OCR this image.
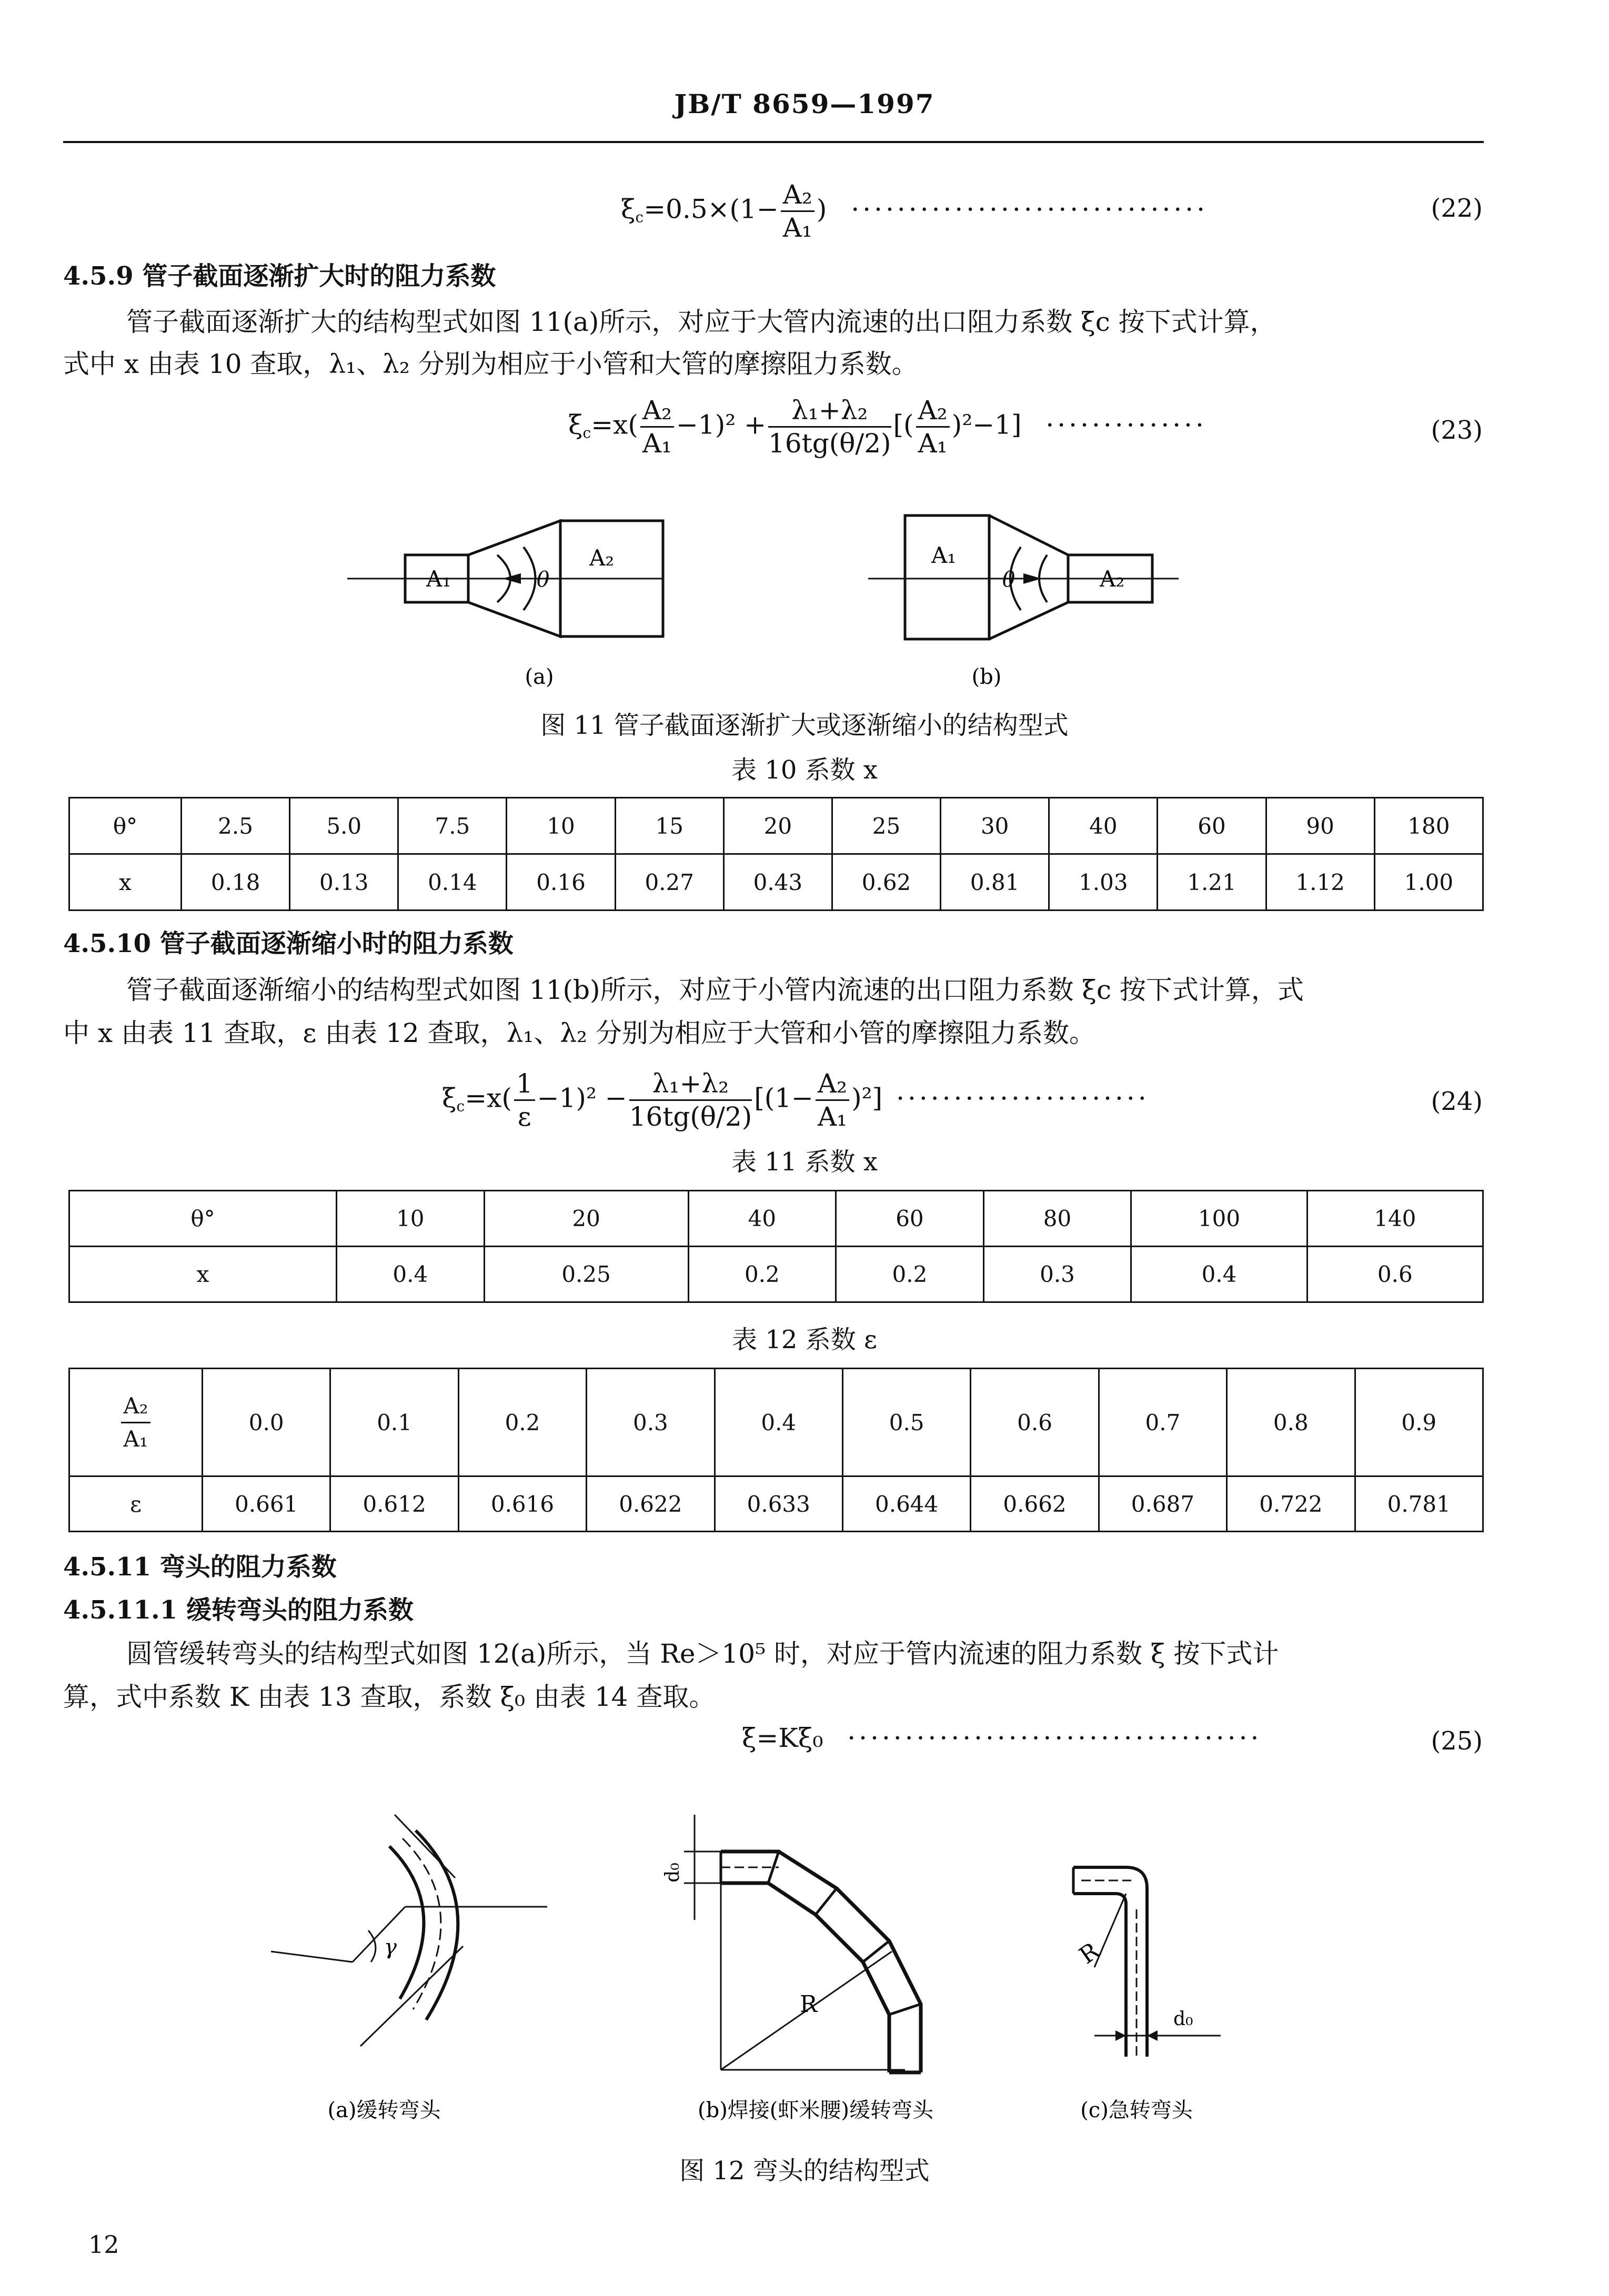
JB/T 8659—1997
$\xi_c=0.5\times(1- \frac{\text{A₂}}{\text{A₁}}$ ) ·······························	(22)
4.5.9 管子截面逐渐扩大时的阻力系数
管子截面逐渐扩大的结构型式如图 11(a)所示，对应于大管内流速的出口阻力系数 ξc 按下式计算，
式中 x 由表 10 查取，λ₁、λ₂ 分别为相应于小管和大管的摩擦阻力系数。
$\xi_c=x( \frac{\text{A₂}}{\text{A₁}} -1)^2 + \frac{\text{λ₁+λ₂}}{16tg(\theta/2)}$ [( $\frac{\text{A₂}}{\text{A₁}} )^2-1$] ··············	(23)
A₁	θ
A₂
(a)
A₁
θ	A₂
(b)
图 11 管子截面逐渐扩大或逐渐缩小的结构型式
表 10 系数 x
θ°	2.5	5.0	7.5	10	15	20	25	30	40	60	90	180
x	0.18	0.13	0.14	0.16	0.27	0.43	0.62	0.81	1.03	1.21	1.12	1.00
4.5.10 管子截面逐渐缩小时的阻力系数
管子截面逐渐缩小的结构型式如图 11(b)所示，对应于小管内流速的出口阻力系数 ξc 按下式计算，式
中 x 由表 11 查取，ε 由表 12 查取，λ₁、λ₂ 分别为相应于大管和小管的摩擦阻力系数。
$\xi_c=x( \frac{1}{\varepsilon} -1)^2 - \frac{\text{λ₁+λ₂}}{16tg(\theta/2)} [(1- \frac{\text{A₂}}{\text{A₁}} )^2]$ ······················	(24)
表 11 系数 x
θ°	10	20	40	60	80	100	140
x	0.4	0.25	0.2	0.2	0.3	0.4	0.6
表 12 系数 ε
$\frac{\text{A₂}}{\text{A₁}}$	0.0	0.1	0.2	0.3	0.4	0.5	0.6	0.7	0.8	0.9
ε	0.661	0.612	0.616	0.622	0.633	0.644	0.662	0.687	0.722	0.781
4.5.11 弯头的阻力系数
4.5.11.1 缓转弯头的阻力系数
圆管缓转弯头的结构型式如图 12(a)所示，当 Re＞10⁵ 时，对应于管内流速的阻力系数 ξ 按下式计
算，式中系数 K 由表 13 查取，系数 ξ₀ 由表 14 查取。
ξ=Kξ₀ ····································	(25)
γ
(a)缓转弯头
d₀
R
(b)焊接(虾米腰)缓转弯头
R
d₀
(c)急转弯头
图 12 弯头的结构型式
12
